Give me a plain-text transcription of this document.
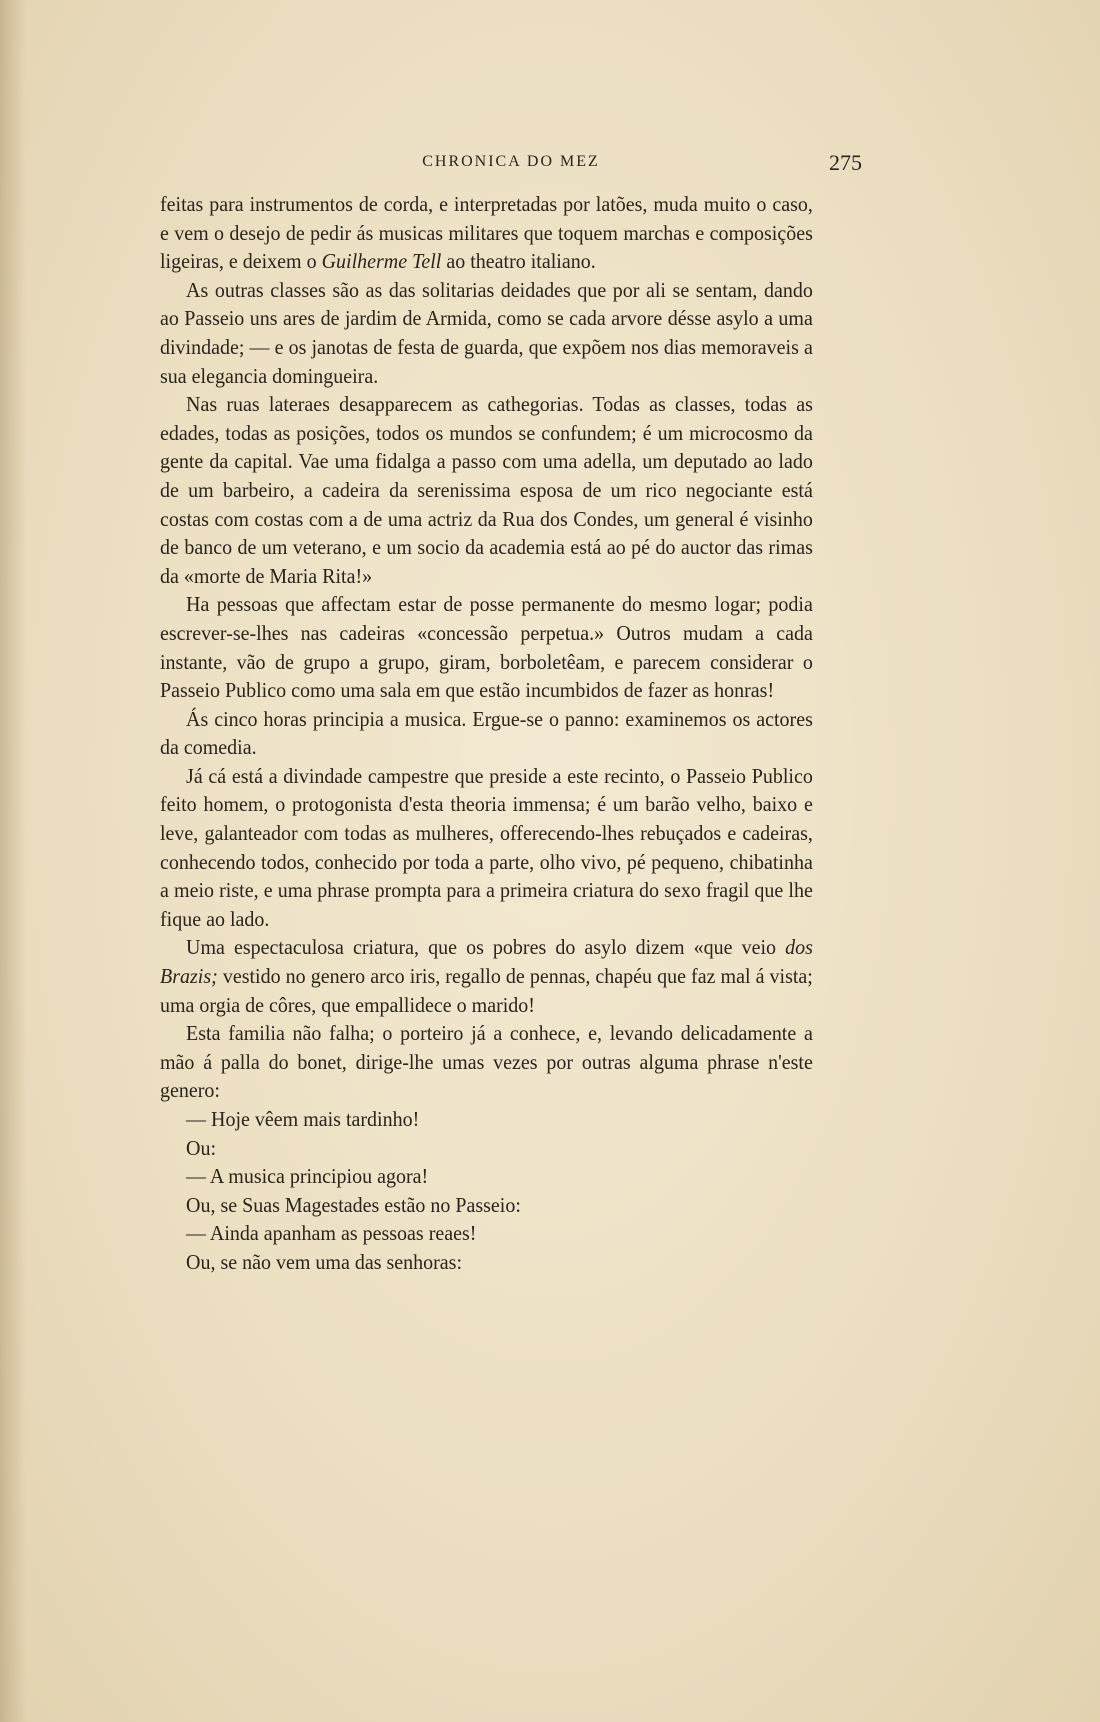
CHRONICA DO MEZ	275

feitas para instrumentos de corda, e interpretadas por latões, muda muito o caso, e vem o desejo de pedir ás musicas militares que toquem marchas e composições ligeiras, e deixem o Guilherme Tell ao theatro italiano.

As outras classes são as das solitarias deidades que por ali se sentam, dando ao Passeio uns ares de jardim de Armida, como se cada arvore désse asylo a uma divindade; — e os janotas de festa de guarda, que expõem nos dias memoraveis a sua elegancia domingueira.

Nas ruas lateraes desapparecem as cathegorias. Todas as classes, todas as edades, todas as posições, todos os mundos se confundem; é um microcosmo da gente da capital. Vae uma fidalga a passo com uma adella, um deputado ao lado de um barbeiro, a cadeira da serenissima esposa de um rico negociante está costas com costas com a de uma actriz da Rua dos Condes, um general é visinho de banco de um veterano, e um socio da academia está ao pé do auctor das rimas da «morte de Maria Rita!»

Ha pessoas que affectam estar de posse permanente do mesmo logar; podia escrever-se-lhes nas cadeiras «concessão perpetua.» Outros mudam a cada instante, vão de grupo a grupo, giram, borboletêam, e parecem considerar o Passeio Publico como uma sala em que estão incumbidos de fazer as honras!

Ás cinco horas principia a musica. Ergue-se o panno: examinemos os actores da comedia.

Já cá está a divindade campestre que preside a este recinto, o Passeio Publico feito homem, o protogonista d'esta theoria immensa; é um barão velho, baixo e leve, galanteador com todas as mulheres, offerecendo-lhes rebuçados e cadeiras, conhecendo todos, conhecido por toda a parte, olho vivo, pé pequeno, chibatinha a meio riste, e uma phrase prompta para a primeira criatura do sexo fragil que lhe fique ao lado.

Uma espectaculosa criatura, que os pobres do asylo dizem «que veio dos Brazis; vestido no genero arco iris, regallo de pennas, chapéu que faz mal á vista; uma orgia de côres, que empallidece o marido!

Esta familia não falha; o porteiro já a conhece, e, levando delicadamente a mão á palla do bonet, dirige-lhe umas vezes por outras alguma phrase n'este genero:

— Hoje vêem mais tardinho!

Ou:

— A musica principiou agora!

Ou, se Suas Magestades estão no Passeio:

— Ainda apanham as pessoas reaes!

Ou, se não vem uma das senhoras:
